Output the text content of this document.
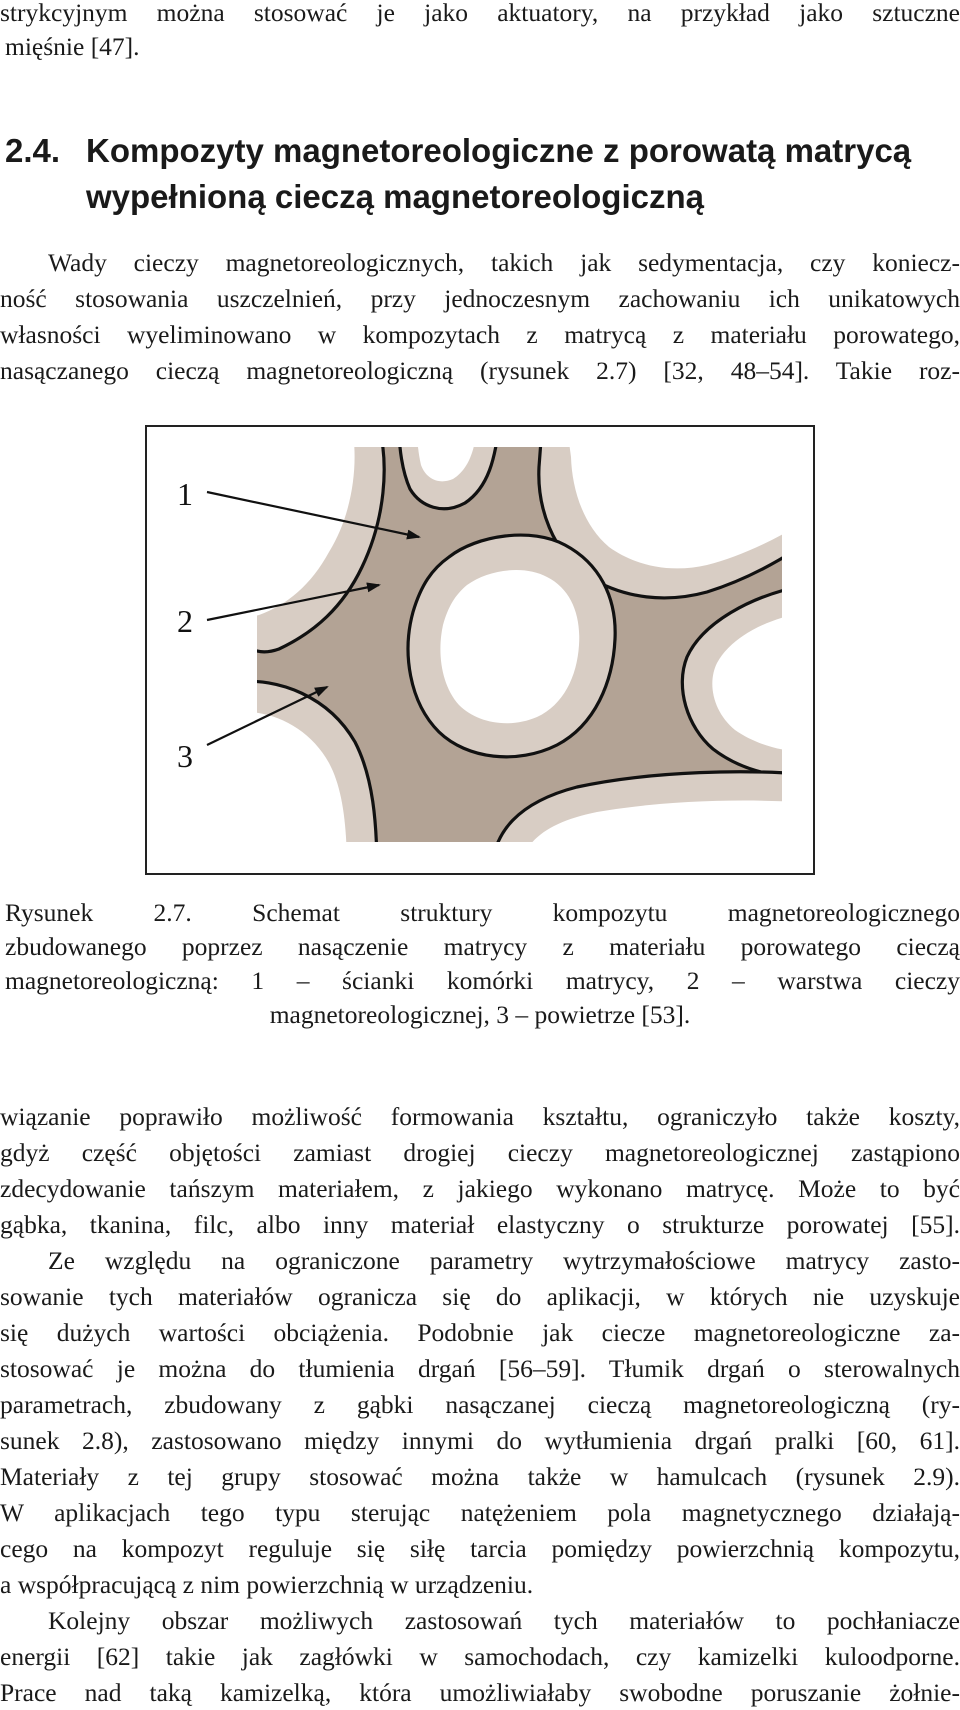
strykcyjnym można stosować je jako aktuatory, na przykład jako sztuczne

mięśnie [47].

2.4. Kompozyty magnetoreologiczne z porowatą matrycą
wypełnioną cieczą magnetoreologiczną

Wady cieczy magnetoreologicznych, takich jak sedymentacja, czy koniecz-

ność stosowania uszczelnień, przy jednoczesnym zachowaniu ich unikatowych

własności wyeliminowano w kompozytach z matrycą z materiału porowatego,

nasączanego cieczą magnetoreologiczną (rysunek 2.7) [32, 48–54]. Takie roz-

1
2
3

Rysunek 2.7. Schemat struktury kompozytu magnetoreologicznego

zbudowanego poprzez nasączenie matrycy z materiału porowatego cieczą

magnetoreologiczną: 1 – ścianki komórki matrycy, 2 – warstwa cieczy

magnetoreologicznej, 3 – powietrze [53].

wiązanie poprawiło możliwość formowania kształtu, ograniczyło także koszty,

gdyż część objętości zamiast drogiej cieczy magnetoreologicznej zastąpiono

zdecydowanie tańszym materiałem, z jakiego wykonano matrycę. Może to być

gąbka, tkanina, filc, albo inny materiał elastyczny o strukturze porowatej [55].

Ze względu na ograniczone parametry wytrzymałościowe matrycy zasto-

sowanie tych materiałów ogranicza się do aplikacji, w których nie uzyskuje

się dużych wartości obciążenia. Podobnie jak ciecze magnetoreologiczne za-

stosować je można do tłumienia drgań [56–59]. Tłumik drgań o sterowalnych

parametrach, zbudowany z gąbki nasączanej cieczą magnetoreologiczną (ry-

sunek 2.8), zastosowano między innymi do wytłumienia drgań pralki [60, 61].

Materiały z tej grupy stosować można także w hamulcach (rysunek 2.9).

W aplikacjach tego typu sterując natężeniem pola magnetycznego działają-

cego na kompozyt reguluje się siłę tarcia pomiędzy powierzchnią kompozytu,

a współpracującą z nim powierzchnią w urządzeniu.

Kolejny obszar możliwych zastosowań tych materiałów to pochłaniacze

energii [62] takie jak zagłówki w samochodach, czy kamizelki kuloodporne.

Prace nad taką kamizelką, która umożliwiałaby swobodne poruszanie żołnie-
